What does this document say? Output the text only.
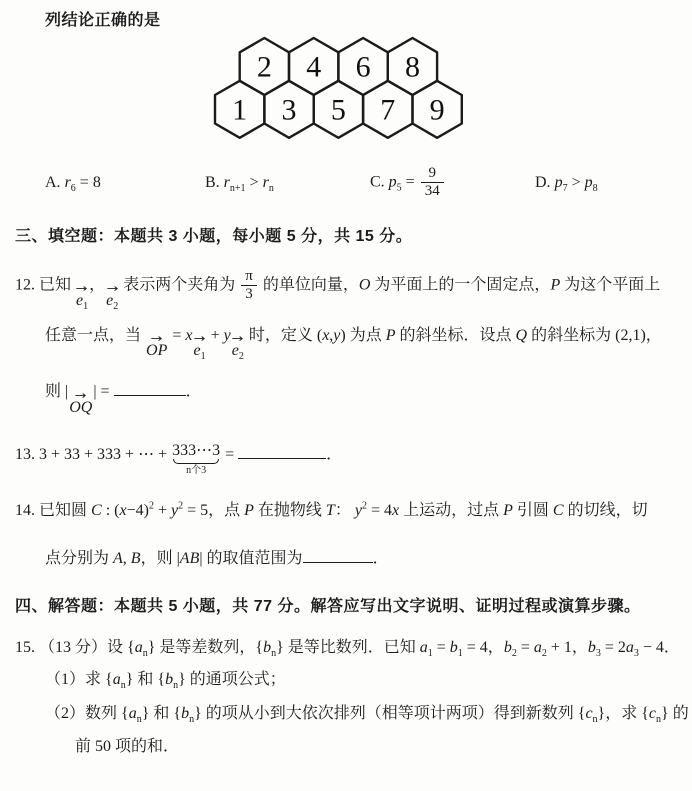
列结论正确的是
1 3 5 7 9
2 4 6 8
A. $r_6 = 8$	B. $r_{n+1} > r_n$	C. $p_5 = \frac{9}{34}$	D. $p_7 > p_8$
三、填空题：本题共 3 小题，每小题 5 分，共 15 分。
12. 已知 →
$e_1$
， →
$e_2$
表示两个夹角为 $\frac{\pi}{3}$ 的单位向量，O 为平面上的一个固定点，P 为这个平面上
任意一点，当 →
OP
= x →
$e_1$
+ y →
$e_2$
时，定义 (x,y) 为点 P 的斜坐标．设点 Q 的斜坐标为 (2,1)，
则 | →
OQ
| =	．
13. 3 + 33 + 333 + ⋯ + 333⋯3
n个3
=	．
14. 已知圆 C : $(x-4)^2 + y^2 = 5$，点 P 在抛物线 T： $y^2 = 4x$ 上运动，过点 P 引圆 C 的切线，切
点分别为 A, B，则 |AB| 的取值范围为	．
四、解答题：本题共 5 小题，共 77 分。解答应写出文字说明、证明过程或演算步骤。
15. （13 分）设 $\{a_n\}$ 是等差数列，$\{b_n\}$ 是等比数列．已知 $a_1 = b_1 = 4$，$b_2 = a_2 + 1$，$b_3 = 2a_3 - 4$．
（1）求 $\{a_n\}$ 和 $\{b_n\}$ 的通项公式；
（2）数列 $\{a_n\}$ 和 $\{b_n\}$ 的项从小到大依次排列（相等项计两项）得到新数列 $\{c_n\}$，求 $\{c_n\}$ 的
前 50 项的和．
